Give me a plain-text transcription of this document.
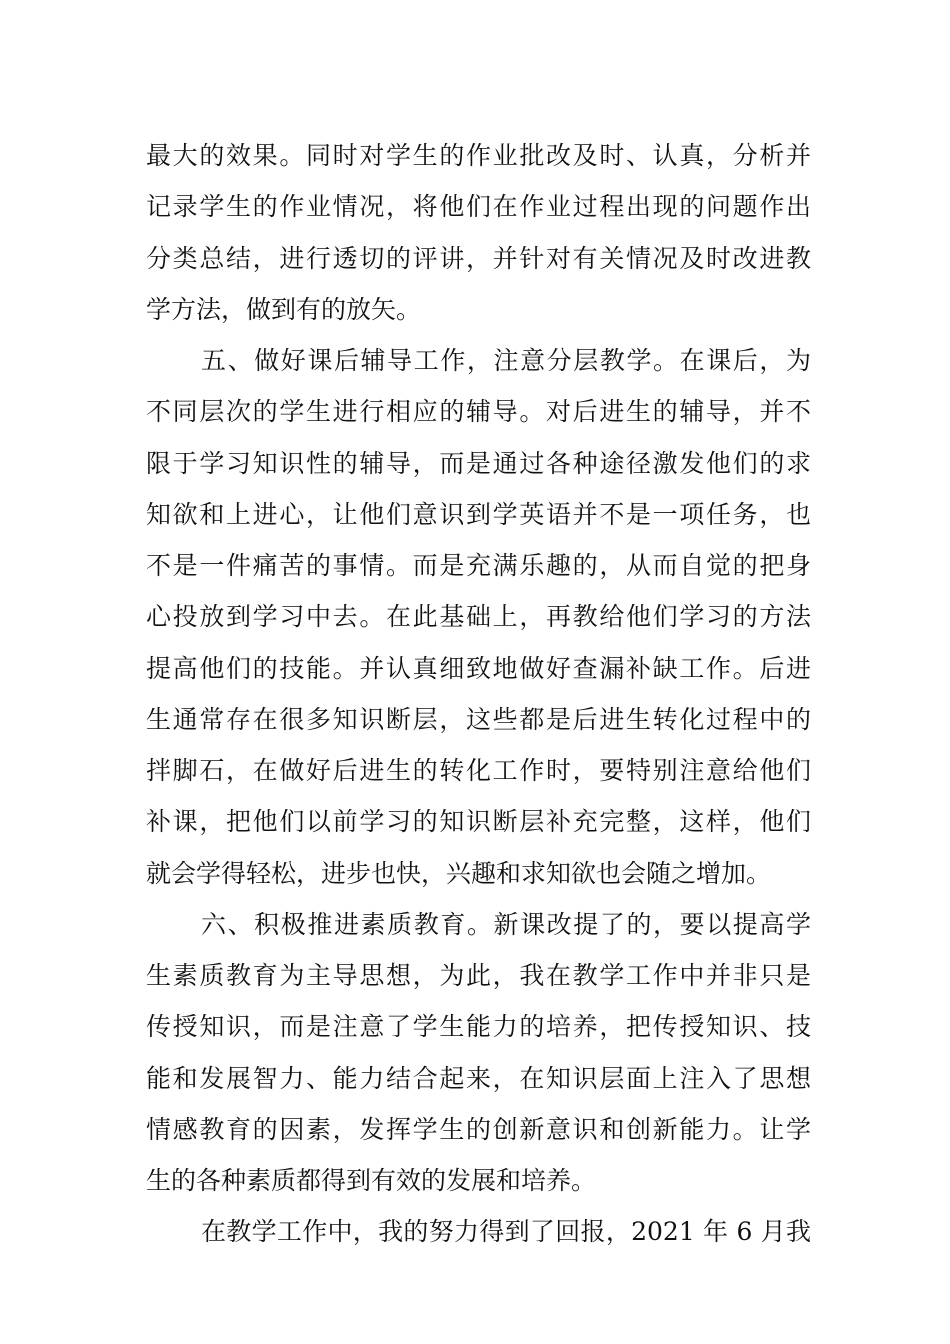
最大的效果。同时对学生的作业批改及时、认真，分析并
记录学生的作业情况，将他们在作业过程出现的问题作出
分类总结，进行透切的评讲，并针对有关情况及时改进教
学方法，做到有的放矢。
五、做好课后辅导工作，注意分层教学。在课后，为
不同层次的学生进行相应的辅导。对后进生的辅导，并不
限于学习知识性的辅导，而是通过各种途径激发他们的求
知欲和上进心，让他们意识到学英语并不是一项任务，也
不是一件痛苦的事情。而是充满乐趣的，从而自觉的把身
心投放到学习中去。在此基础上，再教给他们学习的方法
提高他们的技能。并认真细致地做好查漏补缺工作。后进
生通常存在很多知识断层，这些都是后进生转化过程中的
拌脚石，在做好后进生的转化工作时，要特别注意给他们
补课，把他们以前学习的知识断层补充完整，这样，他们
就会学得轻松，进步也快，兴趣和求知欲也会随之增加。
六、积极推进素质教育。新课改提了的，要以提高学
生素质教育为主导思想，为此，我在教学工作中并非只是
传授知识，而是注意了学生能力的培养，把传授知识、技
能和发展智力、能力结合起来，在知识层面上注入了思想
情感教育的因素，发挥学生的创新意识和创新能力。让学
生的各种素质都得到有效的发展和培养。
在教学工作中，我的努力得到了回报，2021 年 6 月我
